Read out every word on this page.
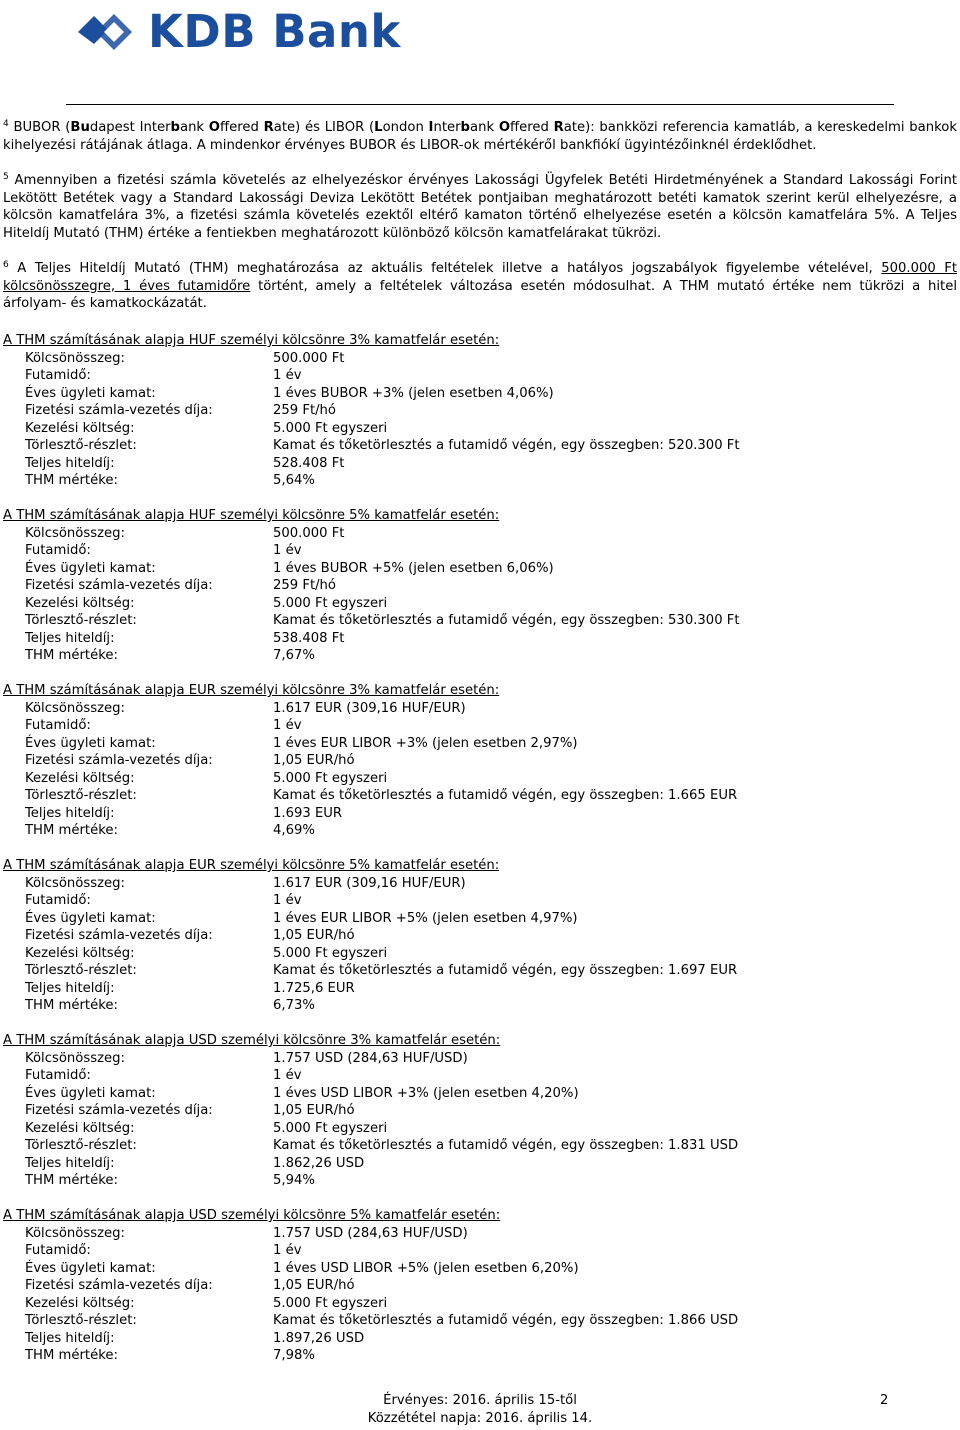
KDB Bank
$^4$ BUBOR (Budapest Interbank Offered Rate) és LIBOR (London Interbank Offered Rate): bankközi referencia kamatláb, a kereskedelmi bankok kihelyezési rátájának átlaga. A mindenkor érvényes BUBOR és LIBOR-ok mértékéről bankfiókí ügyintézőinknél érdeklődhet.
$^5$ Amennyiben a fizetési számla követelés az elhelyezéskor érvényes Lakossági Ügyfelek Betéti Hirdetményének a Standard Lakossági Forint Lekötött Betétek vagy a Standard Lakossági Deviza Lekötött Betétek pontjaiban meghatározott betéti kamatok szerint kerül elhelyezésre, a kölcsön kamatfelára 3%, a fizetési számla követelés ezektől eltérő kamaton történő elhelyezése esetén a kölcsön kamatfelára 5%. A Teljes Hiteldíj Mutató (THM) értéke a fentiekben meghatározott különböző kölcsön kamatfelárakat tükrözi.
$^6$ A Teljes Hiteldíj Mutató (THM) meghatározása az aktuális feltételek illetve a hatályos jogszabályok figyelembe vételével, 500.000 Ft kölcsönösszegre, 1 éves futamidőre történt, amely a feltételek változása esetén módosulhat. A THM mutató értéke nem tükrözi a hitel árfolyam- és kamatkockázatát.
A THM számításának alapja HUF személyi kölcsönre 3% kamatfelár esetén:
Kölcsönösszeg:	500.000 Ft
Futamidő:	1 év
Éves ügyleti kamat:	1 éves BUBOR +3% (jelen esetben 4,06%)
Fizetési számla-vezetés díja:	259 Ft/hó
Kezelési költség:	5.000 Ft egyszeri
Törlesztő-részlet:	Kamat és tőketörlesztés a futamidő végén, egy összegben: 520.300 Ft
Teljes hiteldíj:	528.408 Ft
THM mértéke:	5,64%
A THM számításának alapja HUF személyi kölcsönre 5% kamatfelár esetén:
Kölcsönösszeg:	500.000 Ft
Futamidő:	1 év
Éves ügyleti kamat:	1 éves BUBOR +5% (jelen esetben 6,06%)
Fizetési számla-vezetés díja:	259 Ft/hó
Kezelési költség:	5.000 Ft egyszeri
Törlesztő-részlet:	Kamat és tőketörlesztés a futamidő végén, egy összegben: 530.300 Ft
Teljes hiteldíj:	538.408 Ft
THM mértéke:	7,67%
A THM számításának alapja EUR személyi kölcsönre 3% kamatfelár esetén:
Kölcsönösszeg:	1.617 EUR (309,16 HUF/EUR)
Futamidő:	1 év
Éves ügyleti kamat:	1 éves EUR LIBOR +3% (jelen esetben 2,97%)
Fizetési számla-vezetés díja:	1,05 EUR/hó
Kezelési költség:	5.000 Ft egyszeri
Törlesztő-részlet:	Kamat és tőketörlesztés a futamidő végén, egy összegben: 1.665 EUR
Teljes hiteldíj:	1.693 EUR
THM mértéke:	4,69%
A THM számításának alapja EUR személyi kölcsönre 5% kamatfelár esetén:
Kölcsönösszeg:	1.617 EUR (309,16 HUF/EUR)
Futamidő:	1 év
Éves ügyleti kamat:	1 éves EUR LIBOR +5% (jelen esetben 4,97%)
Fizetési számla-vezetés díja:	1,05 EUR/hó
Kezelési költség:	5.000 Ft egyszeri
Törlesztő-részlet:	Kamat és tőketörlesztés a futamidő végén, egy összegben: 1.697 EUR
Teljes hiteldíj:	1.725,6 EUR
THM mértéke:	6,73%
A THM számításának alapja USD személyi kölcsönre 3% kamatfelár esetén:
Kölcsönösszeg:	1.757 USD (284,63 HUF/USD)
Futamidő:	1 év
Éves ügyleti kamat:	1 éves USD LIBOR +3% (jelen esetben 4,20%)
Fizetési számla-vezetés díja:	1,05 EUR/hó
Kezelési költség:	5.000 Ft egyszeri
Törlesztő-részlet:	Kamat és tőketörlesztés a futamidő végén, egy összegben: 1.831 USD
Teljes hiteldíj:	1.862,26 USD
THM mértéke:	5,94%
A THM számításának alapja USD személyi kölcsönre 5% kamatfelár esetén:
Kölcsönösszeg:	1.757 USD (284,63 HUF/USD)
Futamidő:	1 év
Éves ügyleti kamat:	1 éves USD LIBOR +5% (jelen esetben 6,20%)
Fizetési számla-vezetés díja:	1,05 EUR/hó
Kezelési költség:	5.000 Ft egyszeri
Törlesztő-részlet:	Kamat és tőketörlesztés a futamidő végén, egy összegben: 1.866 USD
Teljes hiteldíj:	1.897,26 USD
THM mértéke:	7,98%
Érvényes: 2016. április 15-től
Közzététel napja: 2016. április 14.
2
